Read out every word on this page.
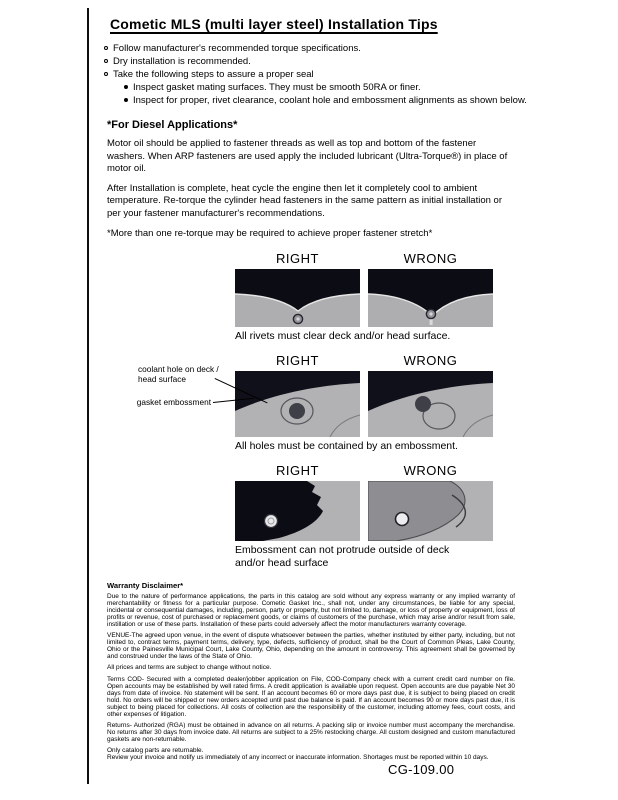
Cometic MLS (multi layer steel) Installation Tips
Follow manufacturer's recommended torque specifications.
Dry installation is recommended.
Take the following steps to assure a proper seal
Inspect gasket mating surfaces. They must be smooth 50RA or finer.
Inspect for proper, rivet clearance, coolant hole and embossment alignments as shown below.
*For Diesel Applications*

Motor oil should be applied to fastener threads as well as top and bottom of the fastener washers. When ARP fasteners are used apply the included lubricant (Ultra-Torque®) in place of motor oil.

After Installation is complete, heat cycle the engine then let it completely cool to ambient temperature. Re-torque the cylinder head fasteners in the same pattern as initial installation or per your fastener manufacturer's recommendations.

*More than one re-torque may be required to achieve proper fastener stretch*

RIGHT	WRONG
All rivets must clear deck and/or head surface.
coolant hole on deck / head surface
gasket embossment
RIGHT	WRONG
All holes must be contained by an embossment.
RIGHT	WRONG
Embossment can not protrude outside of deck
and/or head surface
Warranty Disclaimer*

Due to the nature of performance applications, the parts in this catalog are sold without any express warranty or any implied warranty of merchantability or fitness for a particular purpose. Cometic Gasket Inc., shall not, under any circumstances, be liable for any special, incidental or consequential damages, including, person, party or property, but not limited to, damage, or loss of property or equipment, loss of profits or revenue, cost of purchased or replacement goods, or claims of customers of the purchase, which may arise and/or result from sale, instillation or use of these parts. Installation of these parts could adversely affect the motor manufacturers warranty coverage.

VENUE-The agreed upon venue, in the event of dispute whatsoever between the parties, whether instituted by either party, including, but not limited to, contract terms, payment terms, delivery, type, defects, sufficiency of product, shall be the Court of Common Pleas, Lake County, Ohio or the Painesville Municipal Court, Lake County, Ohio, depending on the amount in controversy. This agreement shall be governed by and construed under the laws of the State of Ohio.

All prices and terms are subject to change without notice.

Terms COD- Secured with a completed dealer/jobber application on File, COD-Company check with a current credit card number on file. Open accounts may be established by well rated firms. A credit application is available upon request. Open accounts are due payable Net 30 days from date of invoice. No statement will be sent. If an account becomes 60 or more days past due, it is subject to being placed on credit hold. No orders will be shipped or new orders accepted until past due balance is paid. If an account becomes 90 or more days past due, it is subject to being placed for collections. All costs of collection are the responsibility of the customer, including attorney fees, court costs, and other expenses of litigation.

Returns- Authorized (RGA) must be obtained in advance on all returns. A packing slip or invoice number must accompany the merchandise. No returns after 30 days from invoice date. All returns are subject to a 25% restocking charge. All custom designed and custom manufactured gaskets are non-returnable.

Only catalog parts are returnable.

Review your invoice and notify us immediately of any incorrect or inaccurate information. Shortages must be reported within 10 days.

CG-109.00
